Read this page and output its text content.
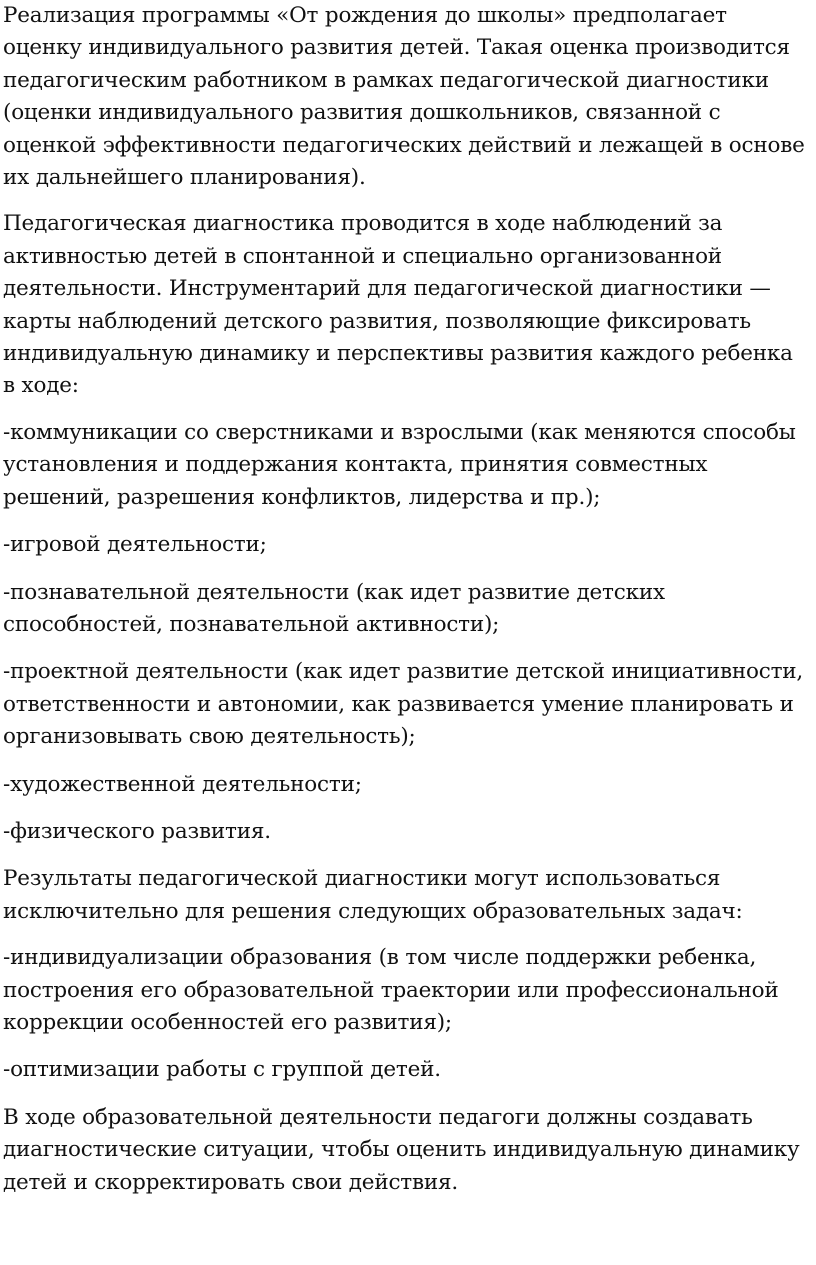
Реализация программы «От рождения до школы» предполагает оценку индивидуального развития детей. Такая оценка производится педагогическим работником в рамках педагогической диагностики (оценки индивидуального развития дошкольников, связанной с оценкой эффективности педагогических действий и лежащей в основе их дальнейшего планирования).

Педагогическая диагностика проводится в ходе наблюдений за активностью детей в спонтанной и специально организованной деятельности. Инструментарий для педагогической диагностики — карты наблюдений детского развития, позволяющие фиксировать индивидуальную динамику и перспективы развития каждого ребенка в ходе:

-коммуникации со сверстниками и взрослыми (как меняются способы установления и поддержания контакта, принятия совместных решений, разрешения конфликтов, лидерства и пр.);

-игровой деятельности;

-познавательной деятельности (как идет развитие детских способностей, познавательной активности);

-проектной деятельности (как идет развитие детской инициативности, ответственности и автономии, как развивается умение планировать и организовывать свою деятельность);

-художественной деятельности;

-физического развития.

Результаты педагогической диагностики могут использоваться исключительно для решения следующих образовательных задач:

-индивидуализации образования (в том числе поддержки ребенка, построения его образовательной траектории или профессиональной коррекции особенностей его развития);

-оптимизации работы с группой детей.

В ходе образовательной деятельности педагоги должны создавать диагностические ситуации, чтобы оценить индивидуальную динамику детей и скорректировать свои действия.
